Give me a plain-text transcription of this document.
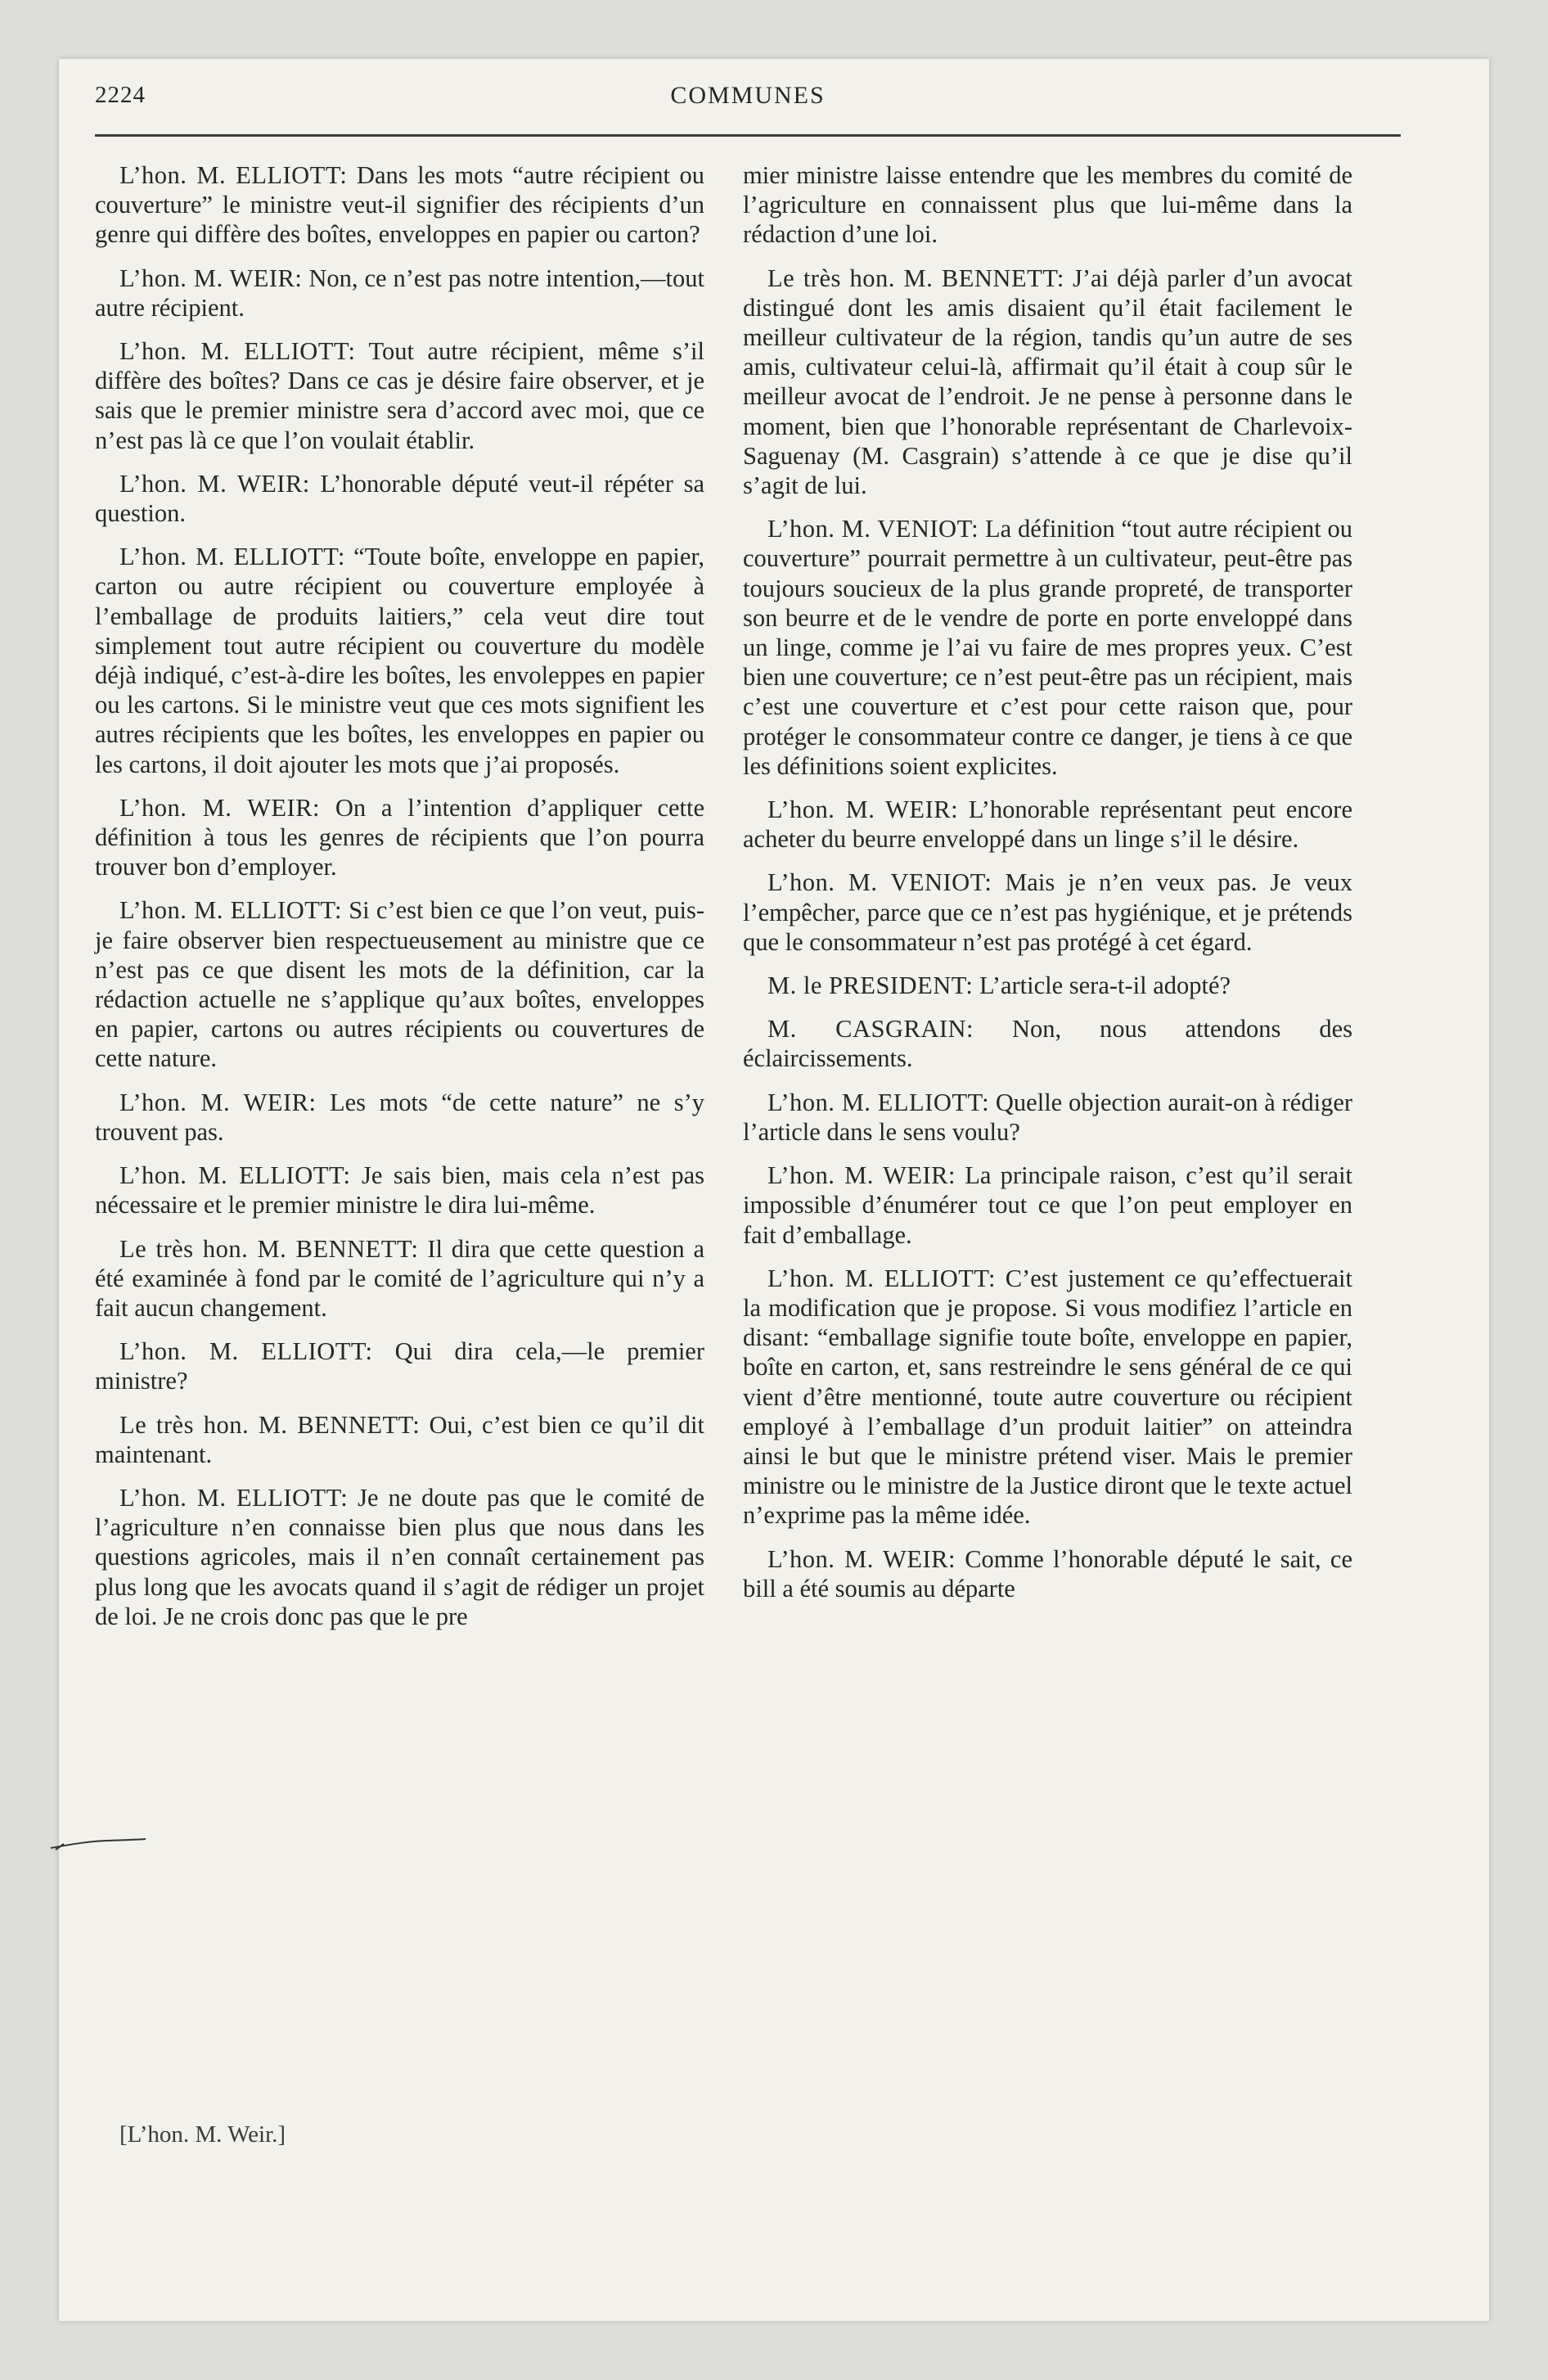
2224	COMMUNES

L’hon. M. ELLIOTT: Dans les mots “autre récipient ou couverture” le ministre veut-il signifier des récipients d’un genre qui diffère des boîtes, enveloppes en papier ou carton?

L’hon. M. WEIR: Non, ce n’est pas notre intention,—tout autre récipient.

L’hon. M. ELLIOTT: Tout autre récipient, même s’il diffère des boîtes? Dans ce cas je désire faire observer, et je sais que le premier ministre sera d’accord avec moi, que ce n’est pas là ce que l’on voulait établir.

L’hon. M. WEIR: L’honorable député veut-il répéter sa question.

L’hon. M. ELLIOTT: “Toute boîte, enveloppe en papier, carton ou autre récipient ou couverture employée à l’emballage de produits laitiers,” cela veut dire tout simplement tout autre récipient ou couverture du modèle déjà indiqué, c’est-à-dire les boîtes, les envoleppes en papier ou les cartons. Si le ministre veut que ces mots signifient les autres récipients que les boîtes, les enveloppes en papier ou les cartons, il doit ajouter les mots que j’ai proposés.

L’hon. M. WEIR: On a l’intention d’appliquer cette définition à tous les genres de récipients que l’on pourra trouver bon d’employer.

L’hon. M. ELLIOTT: Si c’est bien ce que l’on veut, puis-je faire observer bien respectueusement au ministre que ce n’est pas ce que disent les mots de la définition, car la rédaction actuelle ne s’applique qu’aux boîtes, enveloppes en papier, cartons ou autres récipients ou couvertures de cette nature.

L’hon. M. WEIR: Les mots “de cette nature” ne s’y trouvent pas.

L’hon. M. ELLIOTT: Je sais bien, mais cela n’est pas nécessaire et le premier ministre le dira lui-même.

Le très hon. M. BENNETT: Il dira que cette question a été examinée à fond par le comité de l’agriculture qui n’y a fait aucun changement.

L’hon. M. ELLIOTT: Qui dira cela,—le premier ministre?

Le très hon. M. BENNETT: Oui, c’est bien ce qu’il dit maintenant.

L’hon. M. ELLIOTT: Je ne doute pas que le comité de l’agriculture n’en connaisse bien plus que nous dans les questions agricoles, mais il n’en connaît certainement pas plus long que les avocats quand il s’agit de rédiger un projet de loi. Je ne crois donc pas que le pre

mier ministre laisse entendre que les membres du comité de l’agriculture en connaissent plus que lui-même dans la rédaction d’une loi.

Le très hon. M. BENNETT: J’ai déjà parler d’un avocat distingué dont les amis disaient qu’il était facilement le meilleur cultivateur de la région, tandis qu’un autre de ses amis, cultivateur celui-là, affirmait qu’il était à coup sûr le meilleur avocat de l’endroit. Je ne pense à personne dans le moment, bien que l’honorable représentant de Charlevoix-Saguenay (M. Casgrain) s’attende à ce que je dise qu’il s’agit de lui.

L’hon. M. VENIOT: La définition “tout autre récipient ou couverture” pourrait permettre à un cultivateur, peut-être pas toujours soucieux de la plus grande propreté, de transporter son beurre et de le vendre de porte en porte enveloppé dans un linge, comme je l’ai vu faire de mes propres yeux. C’est bien une couverture; ce n’est peut-être pas un récipient, mais c’est une couverture et c’est pour cette raison que, pour protéger le consommateur contre ce danger, je tiens à ce que les définitions soient explicites.

L’hon. M. WEIR: L’honorable représentant peut encore acheter du beurre enveloppé dans un linge s’il le désire.

L’hon. M. VENIOT: Mais je n’en veux pas. Je veux l’empêcher, parce que ce n’est pas hygiénique, et je prétends que le consommateur n’est pas protégé à cet égard.

M. le PRESIDENT: L’article sera-t-il adopté?

M. CASGRAIN: Non, nous attendons des éclaircissements.

L’hon. M. ELLIOTT: Quelle objection aurait-on à rédiger l’article dans le sens voulu?

L’hon. M. WEIR: La principale raison, c’est qu’il serait impossible d’énumérer tout ce que l’on peut employer en fait d’emballage.

L’hon. M. ELLIOTT: C’est justement ce qu’effectuerait la modification que je propose. Si vous modifiez l’article en disant: “emballage signifie toute boîte, enveloppe en papier, boîte en carton, et, sans restreindre le sens général de ce qui vient d’être mentionné, toute autre couverture ou récipient employé à l’emballage d’un produit laitier” on atteindra ainsi le but que le ministre prétend viser. Mais le premier ministre ou le ministre de la Justice diront que le texte actuel n’exprime pas la même idée.

L’hon. M. WEIR: Comme l’honorable député le sait, ce bill a été soumis au départe

[L’hon. M. Weir.]
